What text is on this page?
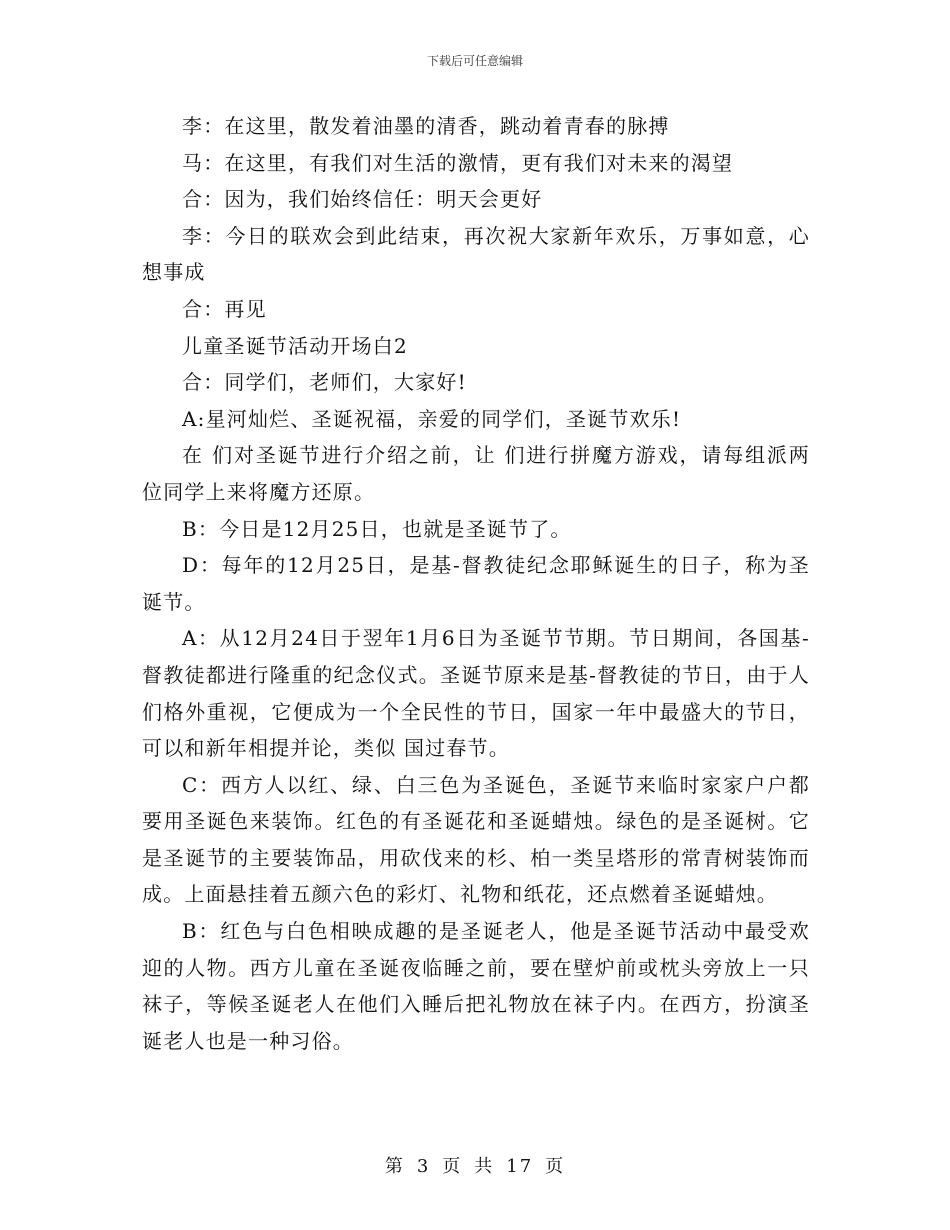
下载后可任意编辑

李：在这里，散发着油墨的清香，跳动着青春的脉搏

马：在这里，有我们对生活的激情，更有我们对未来的渴望

合：因为，我们始终信任：明天会更好

李：今日的联欢会到此结束，再次祝大家新年欢乐，万事如意，心想事成

合：再见

儿童圣诞节活动开场白2

合：同学们，老师们，大家好!

A:星河灿烂、圣诞祝福，亲爱的同学们，圣诞节欢乐!

在 们对圣诞节进行介绍之前，让 们进行拼魔方游戏，请每组派两位同学上来将魔方还原。

B：今日是12月25日，也就是圣诞节了。

D：每年的12月25日，是基-督教徒纪念耶稣诞生的日子，称为圣诞节。

A：从12月24日于翌年1月6日为圣诞节节期。节日期间，各国基-督教徒都进行隆重的纪念仪式。圣诞节原来是基-督教徒的节日，由于人们格外重视，它便成为一个全民性的节日，国家一年中最盛大的节日，可以和新年相提并论，类似 国过春节。

C：西方人以红、绿、白三色为圣诞色，圣诞节来临时家家户户都要用圣诞色来装饰。红色的有圣诞花和圣诞蜡烛。绿色的是圣诞树。它是圣诞节的主要装饰品，用砍伐来的杉、柏一类呈塔形的常青树装饰而成。上面悬挂着五颜六色的彩灯、礼物和纸花，还点燃着圣诞蜡烛。

B：红色与白色相映成趣的是圣诞老人，他是圣诞节活动中最受欢迎的人物。西方儿童在圣诞夜临睡之前，要在壁炉前或枕头旁放上一只袜子，等候圣诞老人在他们入睡后把礼物放在袜子内。在西方，扮演圣诞老人也是一种习俗。

第 3 页 共 17 页
